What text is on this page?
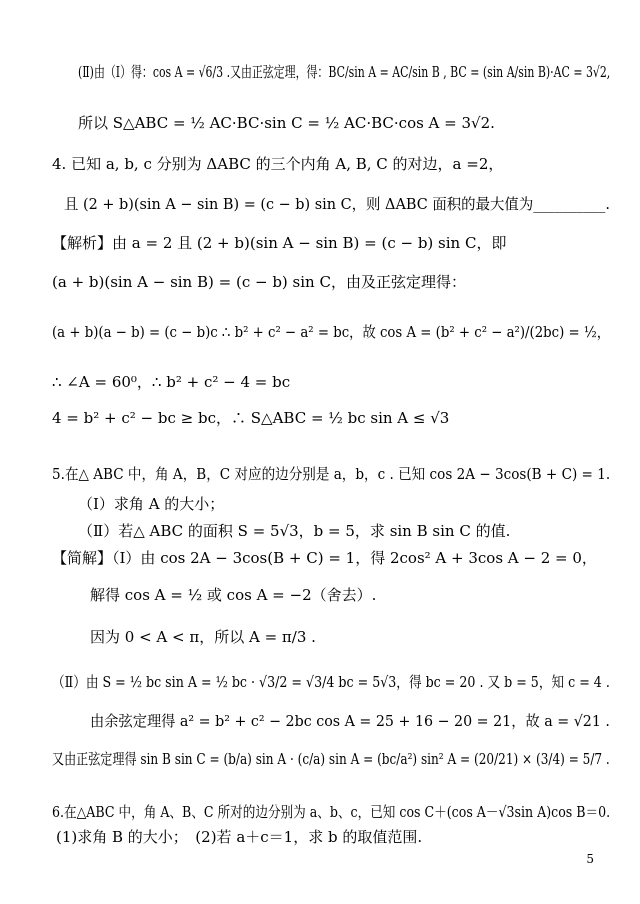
(Ⅱ)由（Ⅰ）得：cos A = √6/3 .又由正弦定理，得：BC/sin A = AC/sin B , BC = (sin A/sin B)·AC = 3√2,
所以 S△ABC = ½ AC·BC·sin C = ½ AC·BC·cos A = 3√2.
4. 已知 a, b, c 分别为 ΔABC 的三个内角 A, B, C 的对边，a =2，
且 (2 + b)(sin A − sin B) = (c − b) sin C，则 ΔABC 面积的最大值为__________.
【解析】由 a = 2 且 (2 + b)(sin A − sin B) = (c − b) sin C，即
(a + b)(sin A − sin B) = (c − b) sin C，由及正弦定理得：
(a + b)(a − b) = (c − b)c ∴ b² + c² − a² = bc，故 cos A = (b² + c² − a²)/(2bc) = ½，
∴ ∠A = 60⁰，∴ b² + c² − 4 = bc
4 = b² + c² − bc ≥ bc，∴ S△ABC = ½ bc sin A ≤ √3
5.在△ ABC 中，角 A，B，C 对应的边分别是 a，b，c . 已知 cos 2A − 3cos(B + C) = 1.
（Ⅰ）求角 A 的大小；
（Ⅱ）若△ ABC 的面积 S = 5√3，b = 5，求 sin B sin C 的值.
【简解】（Ⅰ）由 cos 2A − 3cos(B + C) = 1，得 2cos² A + 3cos A − 2 = 0，
解得 cos A = ½ 或 cos A = −2（舍去）.
因为 0 < A < π，所以 A = π/3 .
（Ⅱ）由 S = ½ bc sin A = ½ bc · √3/2 = √3/4 bc = 5√3，得 bc = 20 . 又 b = 5，知 c = 4 .
由余弦定理得 a² = b² + c² − 2bc cos A = 25 + 16 − 20 = 21，故 a = √21 .
又由正弦定理得 sin B sin C = (b/a) sin A · (c/a) sin A = (bc/a²) sin² A = (20/21) × (3/4) = 5/7 .
6.在△ABC 中，角 A、B、C 所对的边分别为 a、b、c，已知 cos C＋(cos A－√3sin A)cos B＝0.
(1)求角 B 的大小；　(2)若 a＋c＝1，求 b 的取值范围.
5
